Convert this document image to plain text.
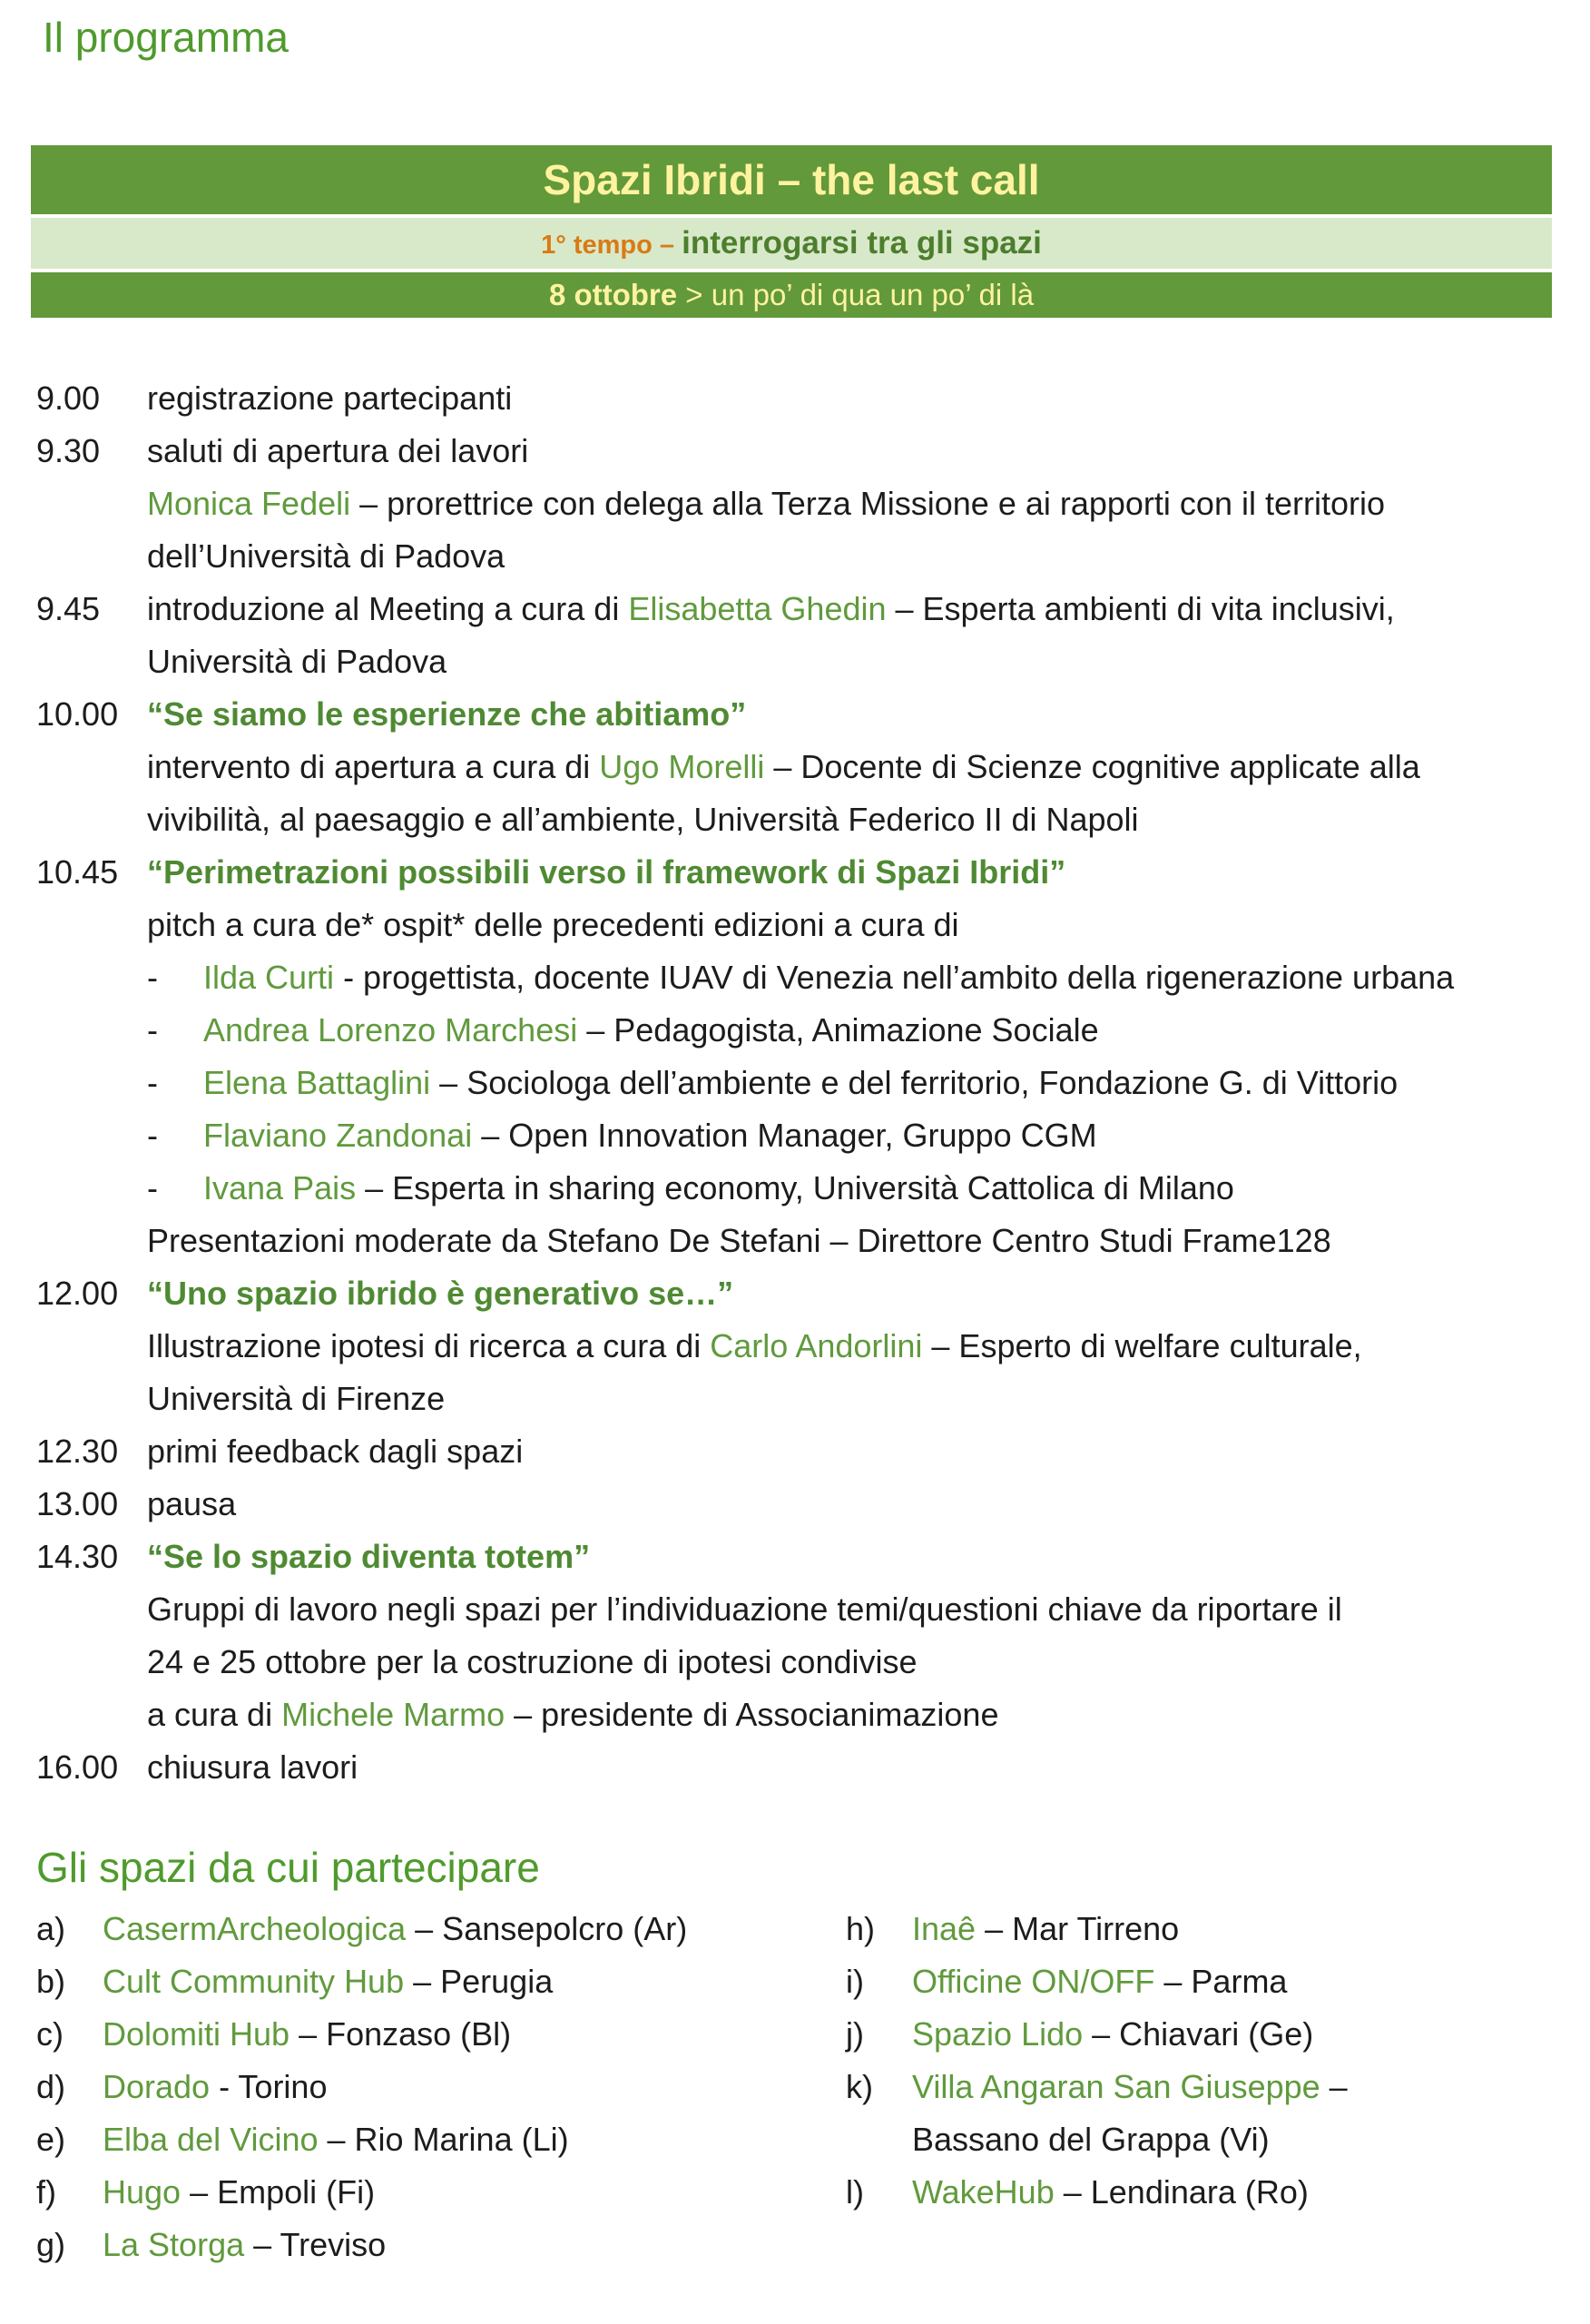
Il programma
Spazi Ibridi – the last call
1° tempo – interrogarsi tra gli spazi
8 ottobre > un po’ di qua un po’ di là
9.00	registrazione partecipanti
9.30	saluti di apertura dei lavori
Monica Fedeli – prorettrice con delega alla Terza Missione e ai rapporti con il territorio
dell’Università di Padova
9.45	introduzione al Meeting a cura di Elisabetta Ghedin – Esperta ambienti di vita inclusivi,
Università di Padova
10.00 “Se siamo le esperienze che abitiamo”
intervento di apertura a cura di Ugo Morelli – Docente di Scienze cognitive applicate alla
vivibilità, al paesaggio e all’ambiente, Università Federico II di Napoli
10.45 “Perimetrazioni possibili verso il framework di Spazi Ibridi”
pitch a cura de* ospit* delle precedenti edizioni a cura di
-	Ilda Curti - progettista, docente IUAV di Venezia nell’ambito della rigenerazione urbana
-	Andrea Lorenzo Marchesi – Pedagogista, Animazione Sociale
-	Elena Battaglini – Sociologa dell’ambiente e del ferritorio, Fondazione G. di Vittorio
-	Flaviano Zandonai – Open Innovation Manager, Gruppo CGM
-	Ivana Pais – Esperta in sharing economy, Università Cattolica di Milano
Presentazioni moderate da Stefano De Stefani – Direttore Centro Studi Frame128
12.00 “Uno spazio ibrido è generativo se…”
Illustrazione ipotesi di ricerca a cura di Carlo Andorlini – Esperto di welfare culturale,
Università di Firenze
12.30 primi feedback dagli spazi
13.00 pausa
14.30 “Se lo spazio diventa totem”
Gruppi di lavoro negli spazi per l’individuazione temi/questioni chiave da riportare il
24 e 25 ottobre per la costruzione di ipotesi condivise
a cura di Michele Marmo – presidente di Associanimazione
16.00 chiusura lavori
Gli spazi da cui partecipare
a)	CasermArcheologica – Sansepolcro (Ar)
b)	Cult Community Hub – Perugia
c)	Dolomiti Hub – Fonzaso (Bl)
d)	Dorado - Torino
e)	Elba del Vicino – Rio Marina (Li)
f)	Hugo – Empoli (Fi)
g)	La Storga – Treviso
h)	Inaê – Mar Tirreno
i)	Officine ON/OFF – Parma
j)	Spazio Lido – Chiavari (Ge)
k)	Villa Angaran San Giuseppe –
Bassano del Grappa (Vi)
l)	WakeHub – Lendinara (Ro)
